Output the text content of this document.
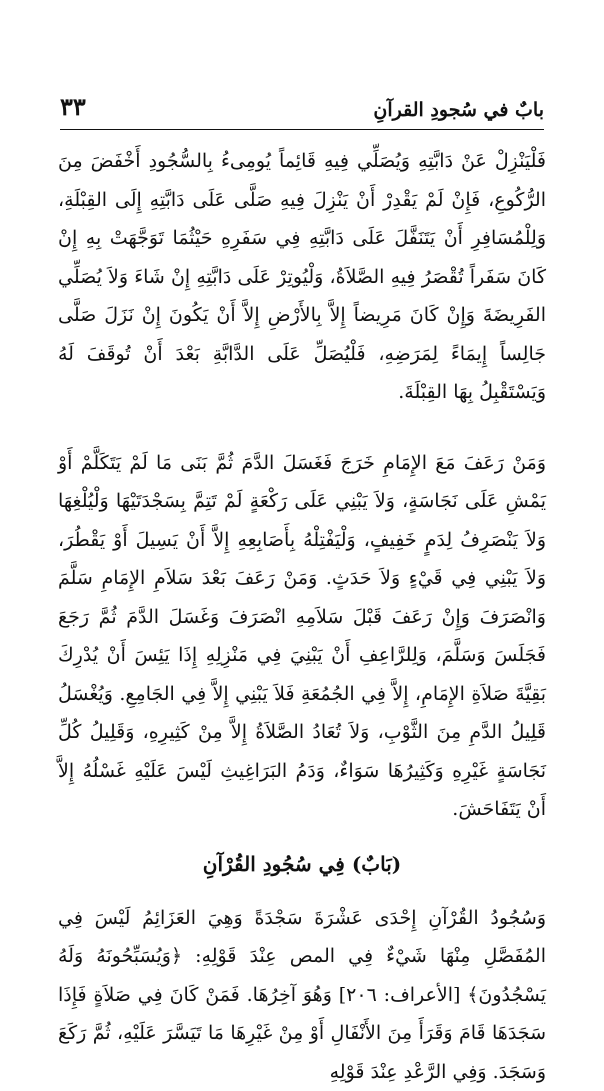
بابٌ في سُجودِ القرآنِ
٣٣

فَلْيَنْزِلْ عَنْ دَابَّتِهِ وَيُصَلِّي فِيهِ قَائِماً يُومِىءُ بِالسُّجُودِ أَخْفَضَ مِنَ الرُّكُوعِ، فَإِنْ لَمْ يَقْدِرْ أَنْ يَنْزِلَ فِيهِ صَلَّى عَلَى دَابَّتِهِ إِلَى القِبْلَةِ، وَلِلْمُسَافِرِ أَنْ يَتَنَفَّلَ عَلَى دَابَّتِهِ فِي سَفَرِهِ حَيْثُمَا تَوَجَّهَتْ بِهِ إِنْ كَانَ سَفَراً تُقْصَرُ فِيهِ الصَّلاَةُ، وَلْيُوتِرْ عَلَى دَابَّتِهِ إِنْ شَاءَ وَلاَ يُصَلِّي الفَرِيضَةَ وَإِنْ كَانَ مَرِيضاً إِلاَّ بِالأَرْضِ إِلاَّ أَنْ يَكُونَ إِنْ نَزَلَ صَلَّى جَالِساً إِيمَاءً لِمَرَضِهِ، فَلْيُصَلِّ عَلَى الدَّابَّةِ بَعْدَ أَنْ تُوقَفَ لَهُ وَيَسْتَقْبِلُ بِهَا القِبْلَةَ.

وَمَنْ رَعَفَ مَعَ الإِمَامِ خَرَجَ فَغَسَلَ الدَّمَ ثُمَّ بَنَى مَا لَمْ يَتَكَلَّمْ أَوْ يَمْشِ عَلَى نَجَاسَةٍ، وَلاَ يَبْنِي عَلَى رَكْعَةٍ لَمْ تَتِمَّ بِسَجْدَتَيْهَا وَلْيُلْغِهَا وَلاَ يَنْصَرِفُ لِدَمٍ خَفِيفٍ، وَلْيَفْتِلْهُ بِأَصَابِعِهِ إِلاَّ أَنْ يَسِيلَ أَوْ يَقْطُرَ، وَلاَ يَبْنِي فِي قَيْءٍ وَلاَ حَدَثٍ. وَمَنْ رَعَفَ بَعْدَ سَلاَمِ الإِمَامِ سَلَّمَ وَانْصَرَفَ وَإِنْ رَعَفَ قَبْلَ سَلاَمِهِ انْصَرَفَ وَغَسَلَ الدَّمَ ثُمَّ رَجَعَ فَجَلَسَ وَسَلَّمَ، وَلِلرَّاعِفِ أَنْ يَبْنِيَ فِي مَنْزِلِهِ إِذَا يَئِسَ أَنْ يُدْرِكَ بَقِيَّةَ صَلاَةِ الإِمَامِ، إِلاَّ فِي الجُمُعَةِ فَلاَ يَبْنِي إِلاَّ فِي الجَامِعِ. وَيُغْسَلُ قَلِيلُ الدَّمِ مِنَ الثَّوْبِ، وَلاَ تُعَادُ الصَّلاَةُ إِلاَّ مِنْ كَثِيرِهِ، وَقَلِيلُ كُلِّ نَجَاسَةٍ غَيْرِهِ وَكَثِيرُهَا سَوَاءٌ، وَدَمُ البَرَاغِيثِ لَيْسَ عَلَيْهِ غَسْلُهُ إِلاَّ أَنْ يَتَفَاحَشَ.

(بَابٌ) فِي سُجُودِ القُرْآنِ

وَسُجُودُ القُرْآنِ إِحْدَى عَشْرَةَ سَجْدَةً وَهِيَ العَزَائِمُ لَيْسَ فِي المُفَصَّلِ مِنْهَا شَيْءٌ فِي المص عِنْدَ قَوْلِهِ: ﴿وَيُسَبِّحُونَهُ وَلَهُ يَسْجُدُونَ﴾ [الأعراف: ٢٠٦] وَهُوَ آخِرُهَا. فَمَنْ كَانَ فِي صَلاَةٍ فَإِذَا سَجَدَهَا قَامَ وَقَرَأَ مِنَ الأَنْفَالِ أَوْ مِنْ غَيْرِهَا مَا تَيَسَّرَ عَلَيْهِ، ثُمَّ رَكَعَ وَسَجَدَ. وَفِي الرَّعْدِ عِنْدَ قَوْلِهِ
